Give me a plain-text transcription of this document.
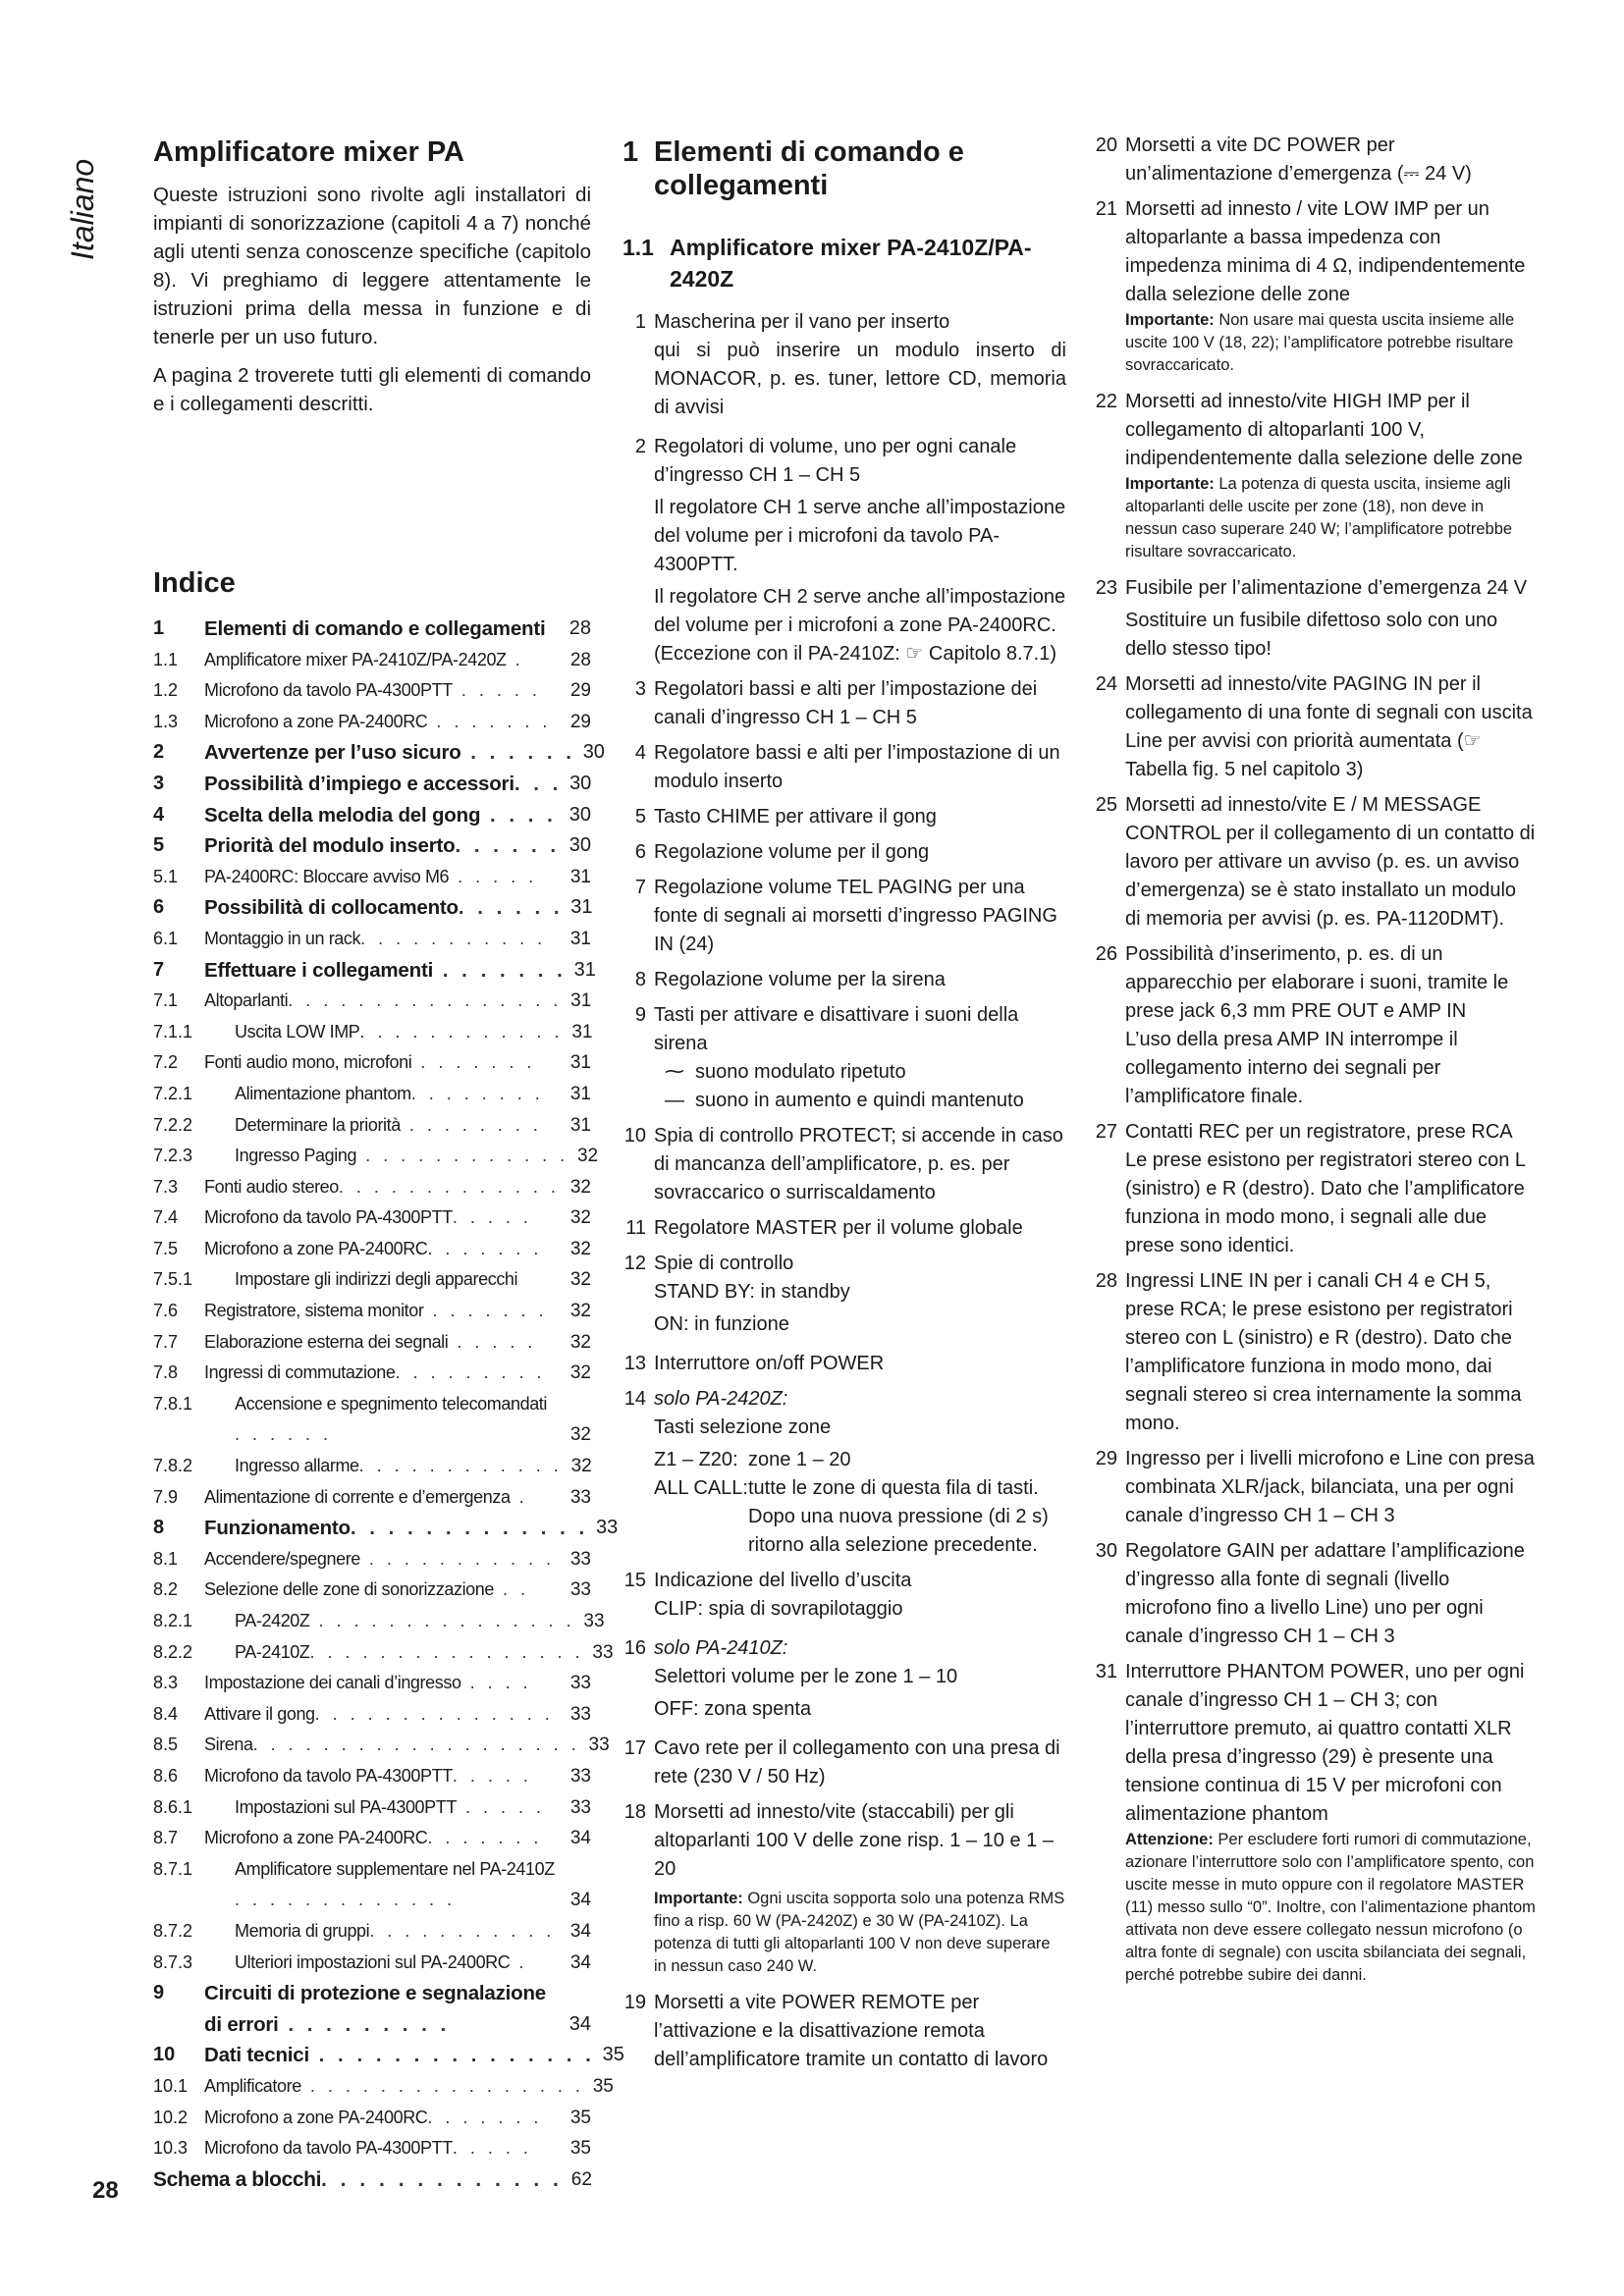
Italiano
Amplificatore mixer PA

Queste istruzioni sono rivolte agli installatori di impianti di sonorizzazione (capitoli 4 a 7) nonché agli utenti senza conoscenze specifiche (capitolo 8). Vi preghiamo di leggere attentamente le istruzioni prima della messa in funzione e di tenerle per un uso futuro.

A pagina 2 troverete tutti gli elementi di comando e i collegamenti descritti.

Indice
1	Elementi di comando e collegamenti	28
1.1	Amplificatore mixer PA-2410Z/PA-2420Z .	28
1.2	Microfono da tavolo PA-4300PTT . . . . .	29
1.3	Microfono a zone PA-2400RC . . . . . . .	29
2	Avvertenze per l’uso sicuro . . . . . . 30
3	Possibilità d’impiego e accessori. . . 30
4	Scelta della melodia del gong . . . . 30
5	Priorità del modulo inserto. . . . . . 30
5.1	PA-2400RC: Bloccare avviso M6 . . . . .	31
6	Possibilità di collocamento. . . . . . 31
6.1	Montaggio in un rack. . . . . . . . . . .	31
7	Effettuare i collegamenti . . . . . . . 31
7.1	Altoparlanti. . . . . . . . . . . . . . . . 31
7.1.1	Uscita LOW IMP. . . . . . . . . . . . 31
7.2	Fonti audio mono, microfoni . . . . . . .	31
7.2.1	Alimentazione phantom. . . . . . . .	31
7.2.2	Determinare la priorità . . . . . . . .	31
7.2.3	Ingresso Paging . . . . . . . . . . . . 32
7.3	Fonti audio stereo. . . . . . . . . . . . . 32
7.4	Microfono da tavolo PA-4300PTT. . . . .	32
7.5	Microfono a zone PA-2400RC. . . . . . .	32
7.5.1	Impostare gli indirizzi degli apparecchi	32
7.6	Registratore, sistema monitor . . . . . . .	32
7.7	Elaborazione esterna dei segnali . . . . .	32
7.8	Ingressi di commutazione. . . . . . . . .	32
7.8.1	Accensione e spegnimento telecomandati . . . . . .	32
7.8.2	Ingresso allarme. . . . . . . . . . . . 32
7.9	Alimentazione di corrente e d’emergenza .	33
8	Funzionamento. . . . . . . . . . . . . 33
8.1	Accendere/spegnere . . . . . . . . . . . 33
8.2	Selezione delle zone di sonorizzazione . .	33
8.2.1	PA-2420Z . . . . . . . . . . . . . . . 33
8.2.2	PA-2410Z. . . . . . . . . . . . . . . . 33
8.3	Impostazione dei canali d’ingresso . . . .	33
8.4	Attivare il gong. . . . . . . . . . . . . . 33
8.5	Sirena. . . . . . . . . . . . . . . . . . . 33
8.6	Microfono da tavolo PA-4300PTT. . . . .	33
8.6.1	Impostazioni sul PA-4300PTT . . . . .	33
8.7	Microfono a zone PA-2400RC. . . . . . .	34
8.7.1	Amplificatore supplementare nel PA-2410Z . . . . . . . . . . . . .	34
8.7.2	Memoria di gruppi. . . . . . . . . . . 34
8.7.3	Ulteriori impostazioni sul PA-2400RC .	34
9	Circuiti di protezione e segnalazione di errori . . . . . . . . .	34
10	Dati tecnici . . . . . . . . . . . . . . . 35
10.1 Amplificatore . . . . . . . . . . . . . . . . 35
10.2 Microfono a zone PA-2400RC. . . . . . .	35
10.3 Microfono da tavolo PA-4300PTT. . . . .	35
Schema a blocchi. . . . . . . . . . . . . 62
1 Elementi di comando e collegamenti
1.1 Amplificatore mixer PA-2410Z/PA-2420Z
1 Mascherina per il vano per inserto

qui si può inserire un modulo inserto di MONACOR, p. es. tuner, lettore CD, memoria di avvisi

2 Regolatori di volume, uno per ogni canale d’ingresso CH 1 – CH 5

Il regolatore CH 1 serve anche all’impostazione del volume per i microfoni da tavolo PA-4300PTT.

Il regolatore CH 2 serve anche all’impostazione del volume per i microfoni a zone PA-2400RC. (Eccezione con il PA-2410Z: ☞ Capitolo 8.7.1)

3 Regolatori bassi e alti per l’impostazione dei canali d’ingresso CH 1 – CH 5
4 Regolatore bassi e alti per l’impostazione di un modulo inserto
5 Tasto CHIME per attivare il gong
6 Regolazione volume per il gong
7 Regolazione volume TEL PAGING per una fonte di segnali ai morsetti d’ingresso PAGING IN (24)
8 Regolazione volume per la sirena
9 Tasti per attivare e disattivare i suoni della sirena

⁓ suono modulato ripetuto
— suono in aumento e quindi mantenuto
10 Spia di controllo PROTECT; si accende in caso di mancanza dell’amplificatore, p. es. per sovraccarico o surriscaldamento
11 Regolatore MASTER per il volume globale
12 Spie di controllo

STAND BY: in standby

ON: in funzione

13 Interruttore on/off POWER
14 solo PA-2420Z:

Tasti selezione zone

Z1 – Z20: zone 1 – 20
ALL CALL: tutte le zone di questa fila di tasti. Dopo una nuova pressione (di 2 s) ritorno alla selezione precedente.
15 Indicazione del livello d’uscita

CLIP: spia di sovrapilotaggio

16 solo PA-2410Z:

Selettori volume per le zone 1 – 10

OFF: zona spenta

17 Cavo rete per il collegamento con una presa di rete (230 V / 50 Hz)
18 Morsetti ad innesto/vite (staccabili) per gli altoparlanti 100 V delle zone risp. 1 – 10 e 1 – 20

Importante: Ogni uscita sopporta solo una potenza RMS fino a risp. 60 W (PA-2420Z) e 30 W (PA-2410Z). La potenza di tutti gli altoparlanti 100 V non deve superare in nessun caso 240 W.

19 Morsetti a vite POWER REMOTE per l’attivazione e la disattivazione remota dell’amplificatore tramite un contatto di lavoro
20 Morsetti a vite DC POWER per un’alimentazione d’emergenza (⎓ 24 V)
21 Morsetti ad innesto / vite LOW IMP per un altoparlante a bassa impedenza con impedenza minima di 4 Ω, indipendentemente dalla selezione delle zone

Importante: Non usare mai questa uscita insieme alle uscite 100 V (18, 22); l’amplificatore potrebbe risultare sovraccaricato.

22 Morsetti ad innesto/vite HIGH IMP per il collegamento di altoparlanti 100 V, indipendentemente dalla selezione delle zone

Importante: La potenza di questa uscita, insieme agli altoparlanti delle uscite per zone (18), non deve in nessun caso superare 240 W; l’amplificatore potrebbe risultare sovraccaricato.

23 Fusibile per l’alimentazione d’emergenza 24 V

Sostituire un fusibile difettoso solo con uno dello stesso tipo!

24 Morsetti ad innesto/vite PAGING IN per il collegamento di una fonte di segnali con uscita Line per avvisi con priorità aumentata (☞ Tabella fig. 5 nel capitolo 3)
25 Morsetti ad innesto/vite E / M MESSAGE CONTROL per il collegamento di un contatto di lavoro per attivare un avviso (p. es. un avviso d’emergenza) se è stato installato un modulo di memoria per avvisi (p. es. PA-1120DMT).
26 Possibilità d’inserimento, p. es. di un apparecchio per elaborare i suoni, tramite le prese jack 6,3 mm PRE OUT e AMP IN

L’uso della presa AMP IN interrompe il collegamento interno dei segnali per l’amplificatore finale.

27 Contatti REC per un registratore, prese RCA

Le prese esistono per registratori stereo con L (sinistro) e R (destro). Dato che l’amplificatore funziona in modo mono, i segnali alle due prese sono identici.

28 Ingressi LINE IN per i canali CH 4 e CH 5, prese RCA; le prese esistono per registratori stereo con L (sinistro) e R (destro). Dato che l’amplificatore funziona in modo mono, dai segnali stereo si crea internamente la somma mono.
29 Ingresso per i livelli microfono e Line con presa combinata XLR/jack, bilanciata, una per ogni canale d’ingresso CH 1 – CH 3
30 Regolatore GAIN per adattare l’amplificazione d’ingresso alla fonte di segnali (livello microfono fino a livello Line) uno per ogni canale d’ingresso CH 1 – CH 3
31 Interruttore PHANTOM POWER, uno per ogni canale d’ingresso CH 1 – CH 3; con l’interruttore premuto, ai quattro contatti XLR della presa d’ingresso (29) è presente una tensione continua di 15 V per microfoni con alimentazione phantom

Attenzione: Per escludere forti rumori di commutazione, azionare l’interruttore solo con l’amplificatore spento, con uscite messe in muto oppure con il regolatore MASTER (11) messo sullo “0”. Inoltre, con l’alimentazione phantom attivata non deve essere collegato nessun microfono (o altra fonte di segnale) con uscita sbilanciata dei segnali, perché potrebbe subire dei danni.

28
